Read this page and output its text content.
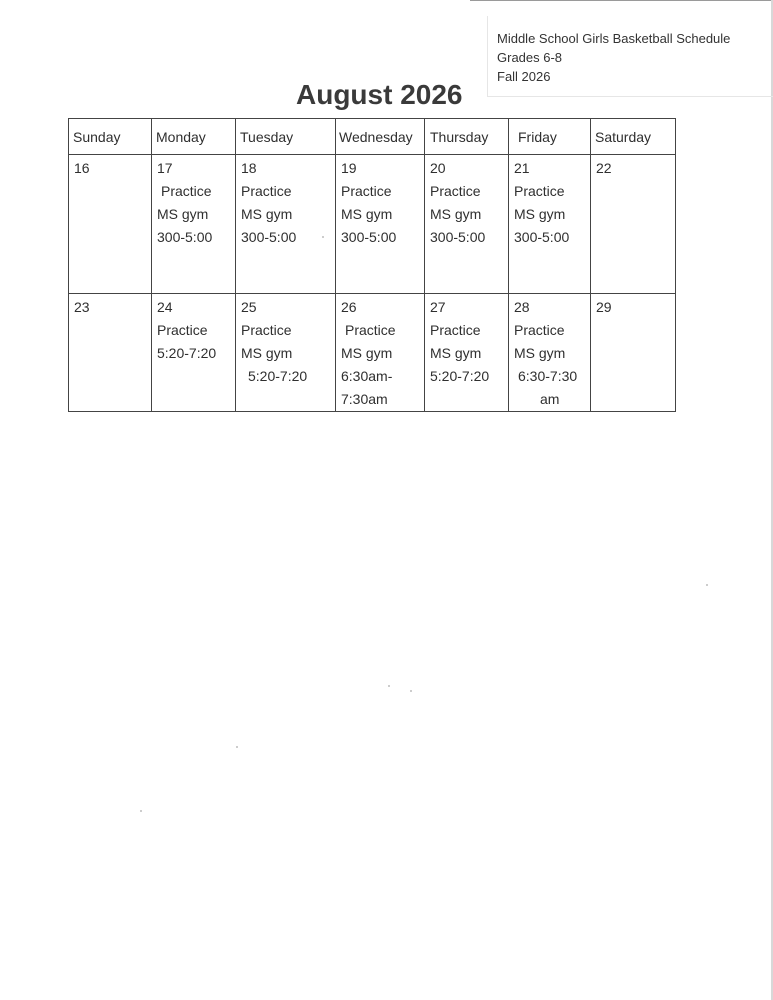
Middle School Girls Basketball Schedule
Grades 6-8
Fall 2026
August 2026
Sunday	Monday	Tuesday	Wednesday	Thursday	Friday	Saturday

16	17
Practice
MS gym
300-5:00	18
Practice
MS gym
300-5:00	19
Practice
MS gym
300-5:00	20
Practice
MS gym
300-5:00	21
Practice
MS gym
300-5:00	22

23	24
Practice
5:20-7:20	25
Practice
MS gym
5:20-7:20	26
Practice
MS gym
6:30am-
7:30am	27
Practice
MS gym
5:20-7:20	28
Practice
MS gym
6:30-7:30
am	29
